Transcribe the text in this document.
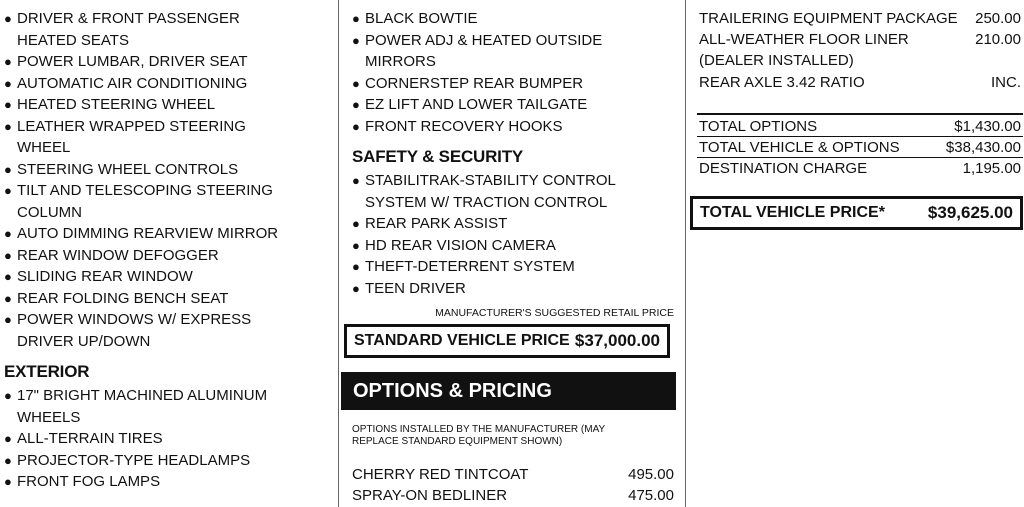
● DRIVER & FRONT PASSENGER
HEATED SEATS
● POWER LUMBAR, DRIVER SEAT
● AUTOMATIC AIR CONDITIONING
● HEATED STEERING WHEEL
● LEATHER WRAPPED STEERING
WHEEL
● STEERING WHEEL CONTROLS
● TILT AND TELESCOPING STEERING
COLUMN
● AUTO DIMMING REARVIEW MIRROR
● REAR WINDOW DEFOGGER
● SLIDING REAR WINDOW
● REAR FOLDING BENCH SEAT
● POWER WINDOWS W/ EXPRESS
DRIVER UP/DOWN
EXTERIOR
● 17" BRIGHT MACHINED ALUMINUM
WHEELS
● ALL-TERRAIN TIRES
● PROJECTOR-TYPE HEADLAMPS
● FRONT FOG LAMPS
● BLACK BOWTIE
● POWER ADJ & HEATED OUTSIDE
MIRRORS
● CORNERSTEP REAR BUMPER
● EZ LIFT AND LOWER TAILGATE
● FRONT RECOVERY HOOKS
SAFETY & SECURITY
● STABILITRAK-STABILITY CONTROL
SYSTEM W/ TRACTION CONTROL
● REAR PARK ASSIST
● HD REAR VISION CAMERA
● THEFT-DETERRENT SYSTEM
● TEEN DRIVER
MANUFACTURER'S SUGGESTED RETAIL PRICE
STANDARD VEHICLE PRICE $37,000.00
OPTIONS & PRICING
OPTIONS INSTALLED BY THE MANUFACTURER (MAY REPLACE STANDARD EQUIPMENT SHOWN)
CHERRY RED TINTCOAT	495.00
SPRAY-ON BEDLINER	475.00
TRAILERING EQUIPMENT PACKAGE 250.00
ALL-WEATHER FLOOR LINER	210.00
(DEALER INSTALLED)
REAR AXLE 3.42 RATIO	INC.
TOTAL OPTIONS	$1,430.00
TOTAL VEHICLE & OPTIONS	$38,430.00
DESTINATION CHARGE	1,195.00
TOTAL VEHICLE PRICE*	$39,625.00
